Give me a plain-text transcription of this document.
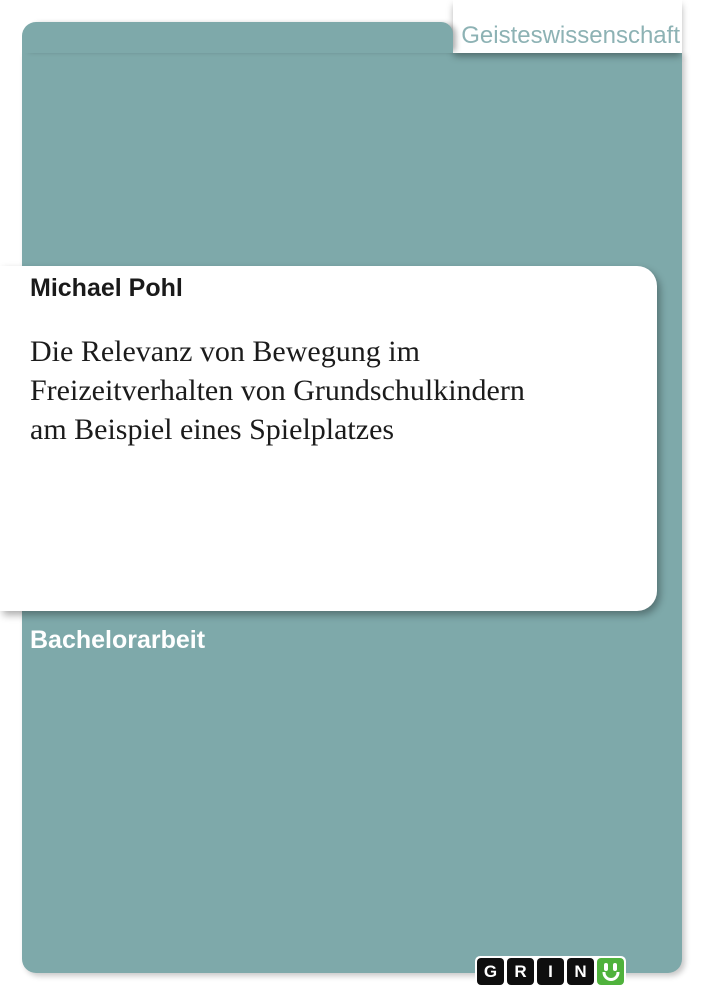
Geisteswissenschaft
Michael Pohl
Die Relevanz von Bewegung im
Freizeitverhalten von Grundschulkindern
am Beispiel eines Spielplatzes
Bachelorarbeit
G	R	I	N
